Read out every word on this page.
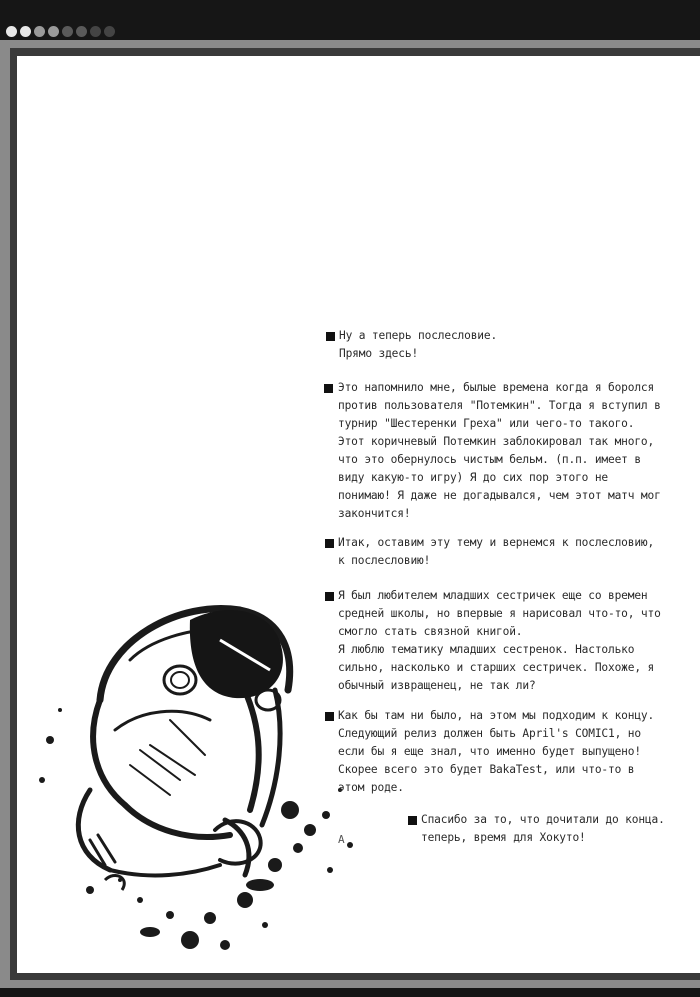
А
Ну а теперь послесловие.
Прямо здесь!
Это напомнило мне, былые времена когда я боролся
против пользователя "Потемкин". Тогда я вступил в
турнир "Шестеренки Греха" или чего-то такого.
Этот коричневый Потемкин заблокировал так много,
что это обернулось чистым бельм. (п.п. имеет в
виду какую-то игру) Я до сих пор этого не
понимаю! Я даже не догадывался, чем этот матч мог
закончится!
Итак, оставим эту тему и вернемся к послесловию,
к послесловию!
Я был любителем младших сестричек еще со времен
средней школы, но впервые я нарисовал что-то, что
смогло стать связной книгой.
Я люблю тематику младших сестренок. Настолько
сильно, насколько и старших сестричек. Похоже, я
обычный извращенец, не так ли?
Как бы там ни было, на этом мы подходим к концу.
Следующий релиз должен быть April's COMIC1, но
если бы я еще знал, что именно будет выпущено!
Скорее всего это будет BakaTest, или что-то в
этом роде.
Спасибо за то, что дочитали до конца.
теперь, время для Хокуто!
